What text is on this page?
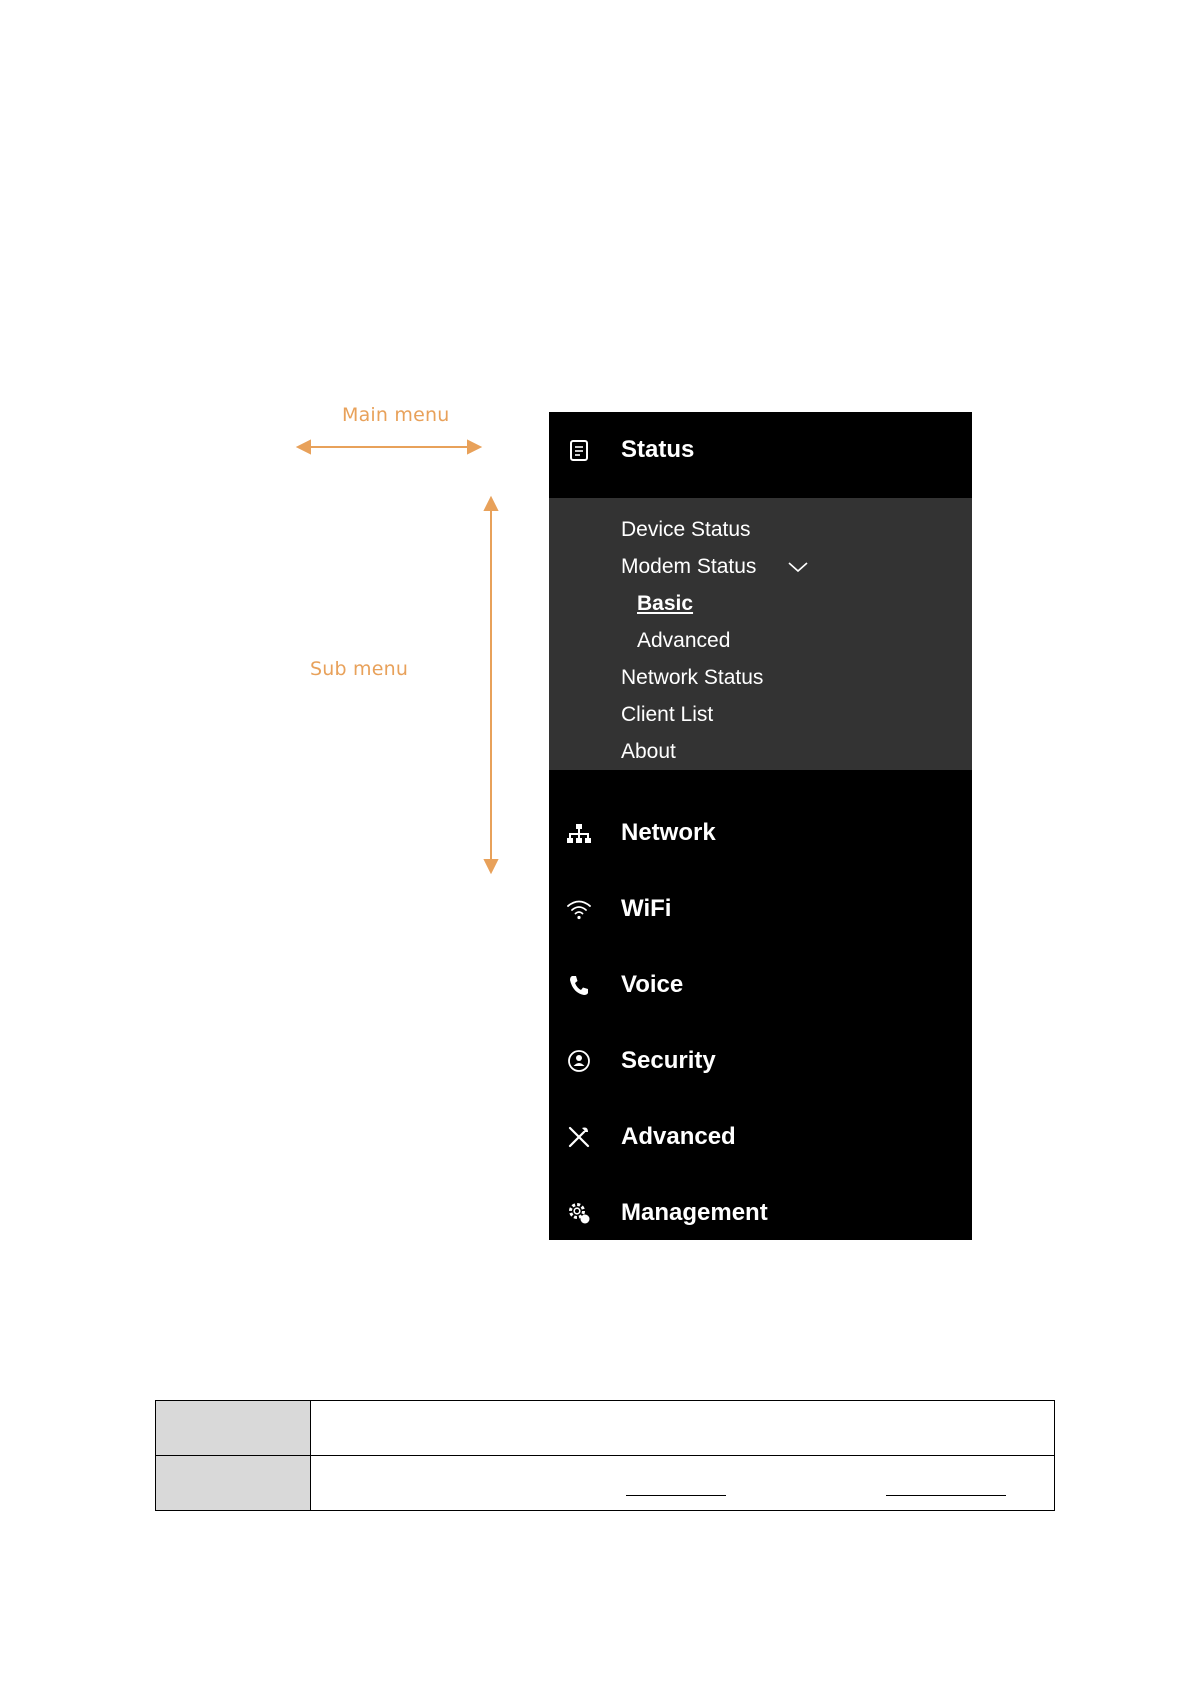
Main menu
Sub menu
Status
Device Status
Modem Status
Basic
Advanced
Network Status
Client List
About
Network
WiFi
Voice
Security
Advanced
Management
